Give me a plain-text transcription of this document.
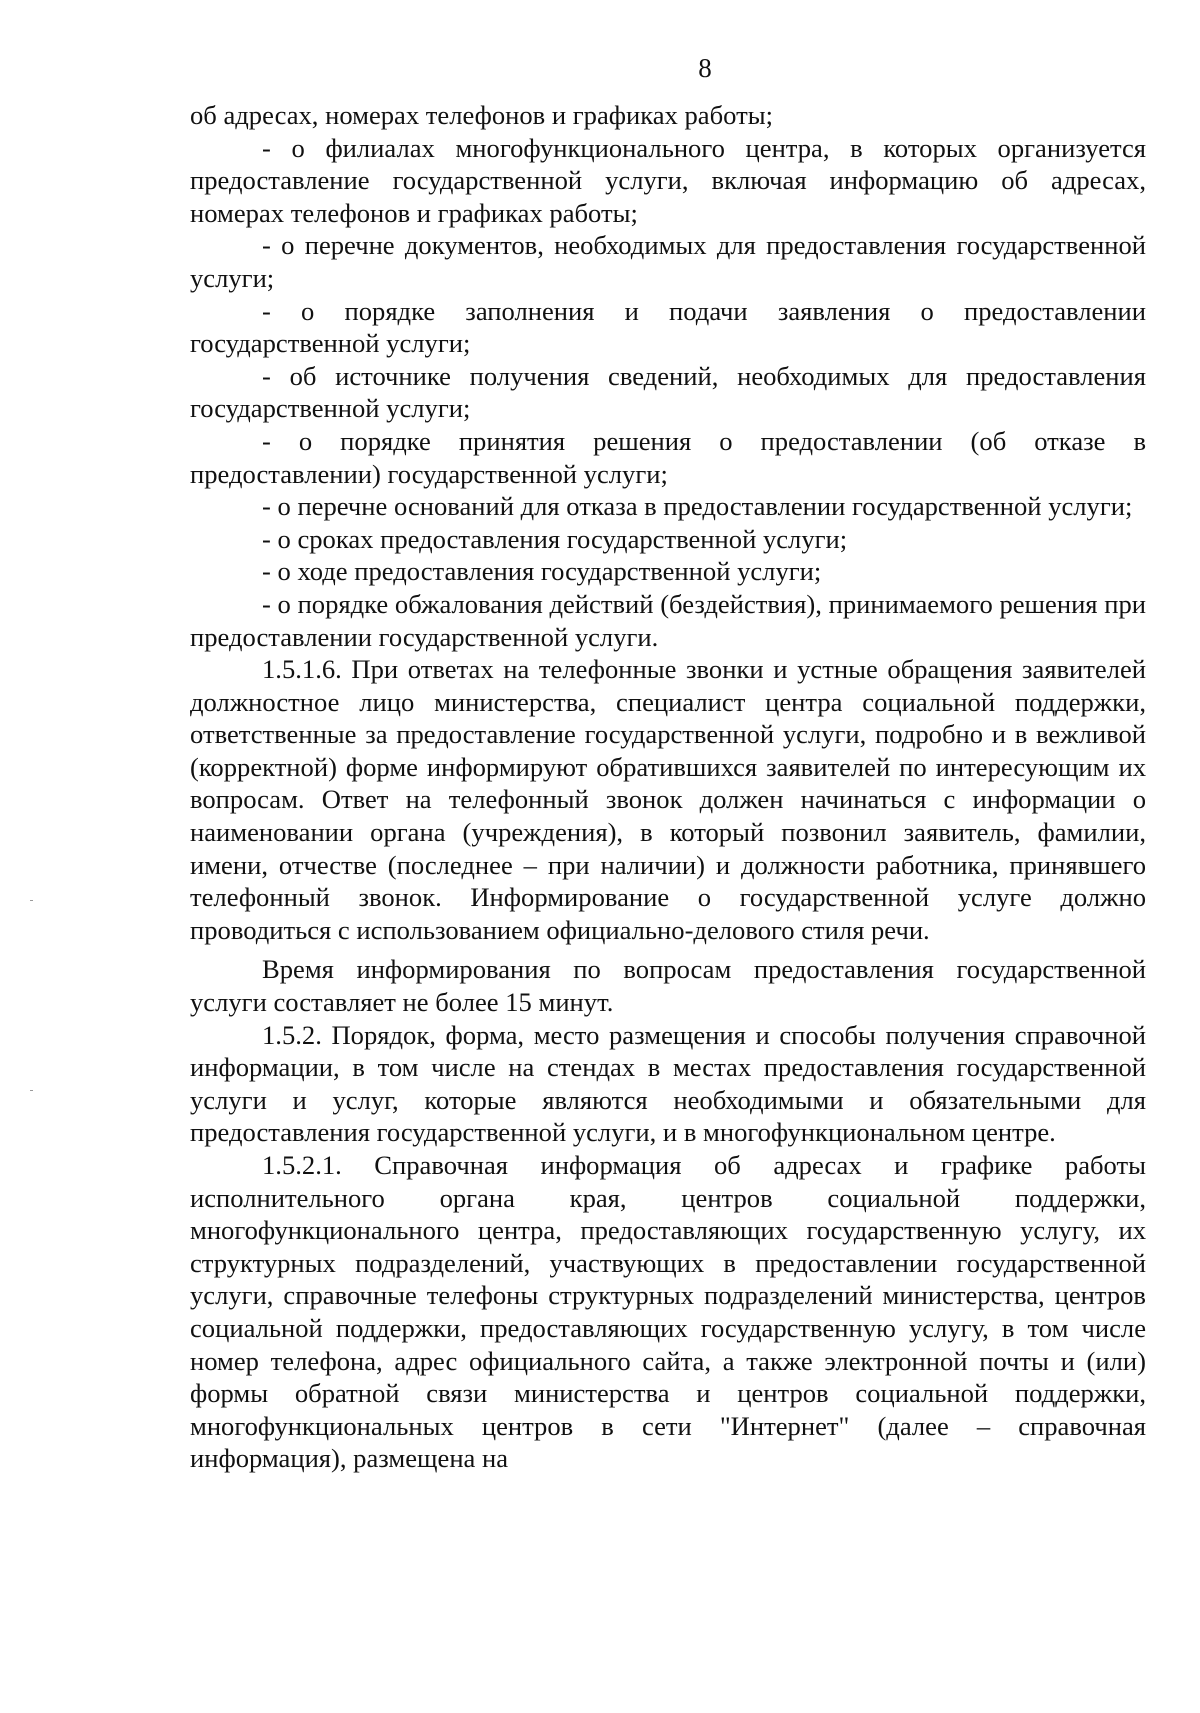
8

об адресах, номерах телефонов и графиках работы;

- о филиалах многофункционального центра, в которых организуется предоставление государственной услуги, включая информацию об адресах, номерах телефонов и графиках работы;

- о перечне документов, необходимых для предоставления государственной услуги;

- о порядке заполнения и подачи заявления о предоставлении государственной услуги;

- об источнике получения сведений, необходимых для предоставления государственной услуги;

- о порядке принятия решения о предоставлении (об отказе в предоставлении) государственной услуги;

- о перечне оснований для отказа в предоставлении государственной услуги;

- о сроках предоставления государственной услуги;

- о ходе предоставления государственной услуги;

- о порядке обжалования действий (бездействия), принимаемого решения при предоставлении государственной услуги.

1.5.1.6. При ответах на телефонные звонки и устные обращения заявителей должностное лицо министерства, специалист центра социальной поддержки, ответственные за предоставление государственной услуги, подробно и в вежливой (корректной) форме информируют обратившихся заявителей по интересующим их вопросам. Ответ на телефонный звонок должен начинаться с информации о наименовании органа (учреждения), в который позвонил заявитель, фамилии, имени, отчестве (последнее – при наличии) и должности работника, принявшего телефонный звонок. Информирование о государственной услуге должно проводиться с использованием официально-делового стиля речи.

Время информирования по вопросам предоставления государственной услуги составляет не более 15 минут.

1.5.2. Порядок, форма, место размещения и способы получения справочной информации, в том числе на стендах в местах предоставления государственной услуги и услуг, которые являются необходимыми и обязательными для предоставления государственной услуги, и в многофункциональном центре.

1.5.2.1. Справочная информация об адресах и графике работы исполнительного органа края, центров социальной поддержки, многофункционального центра, предоставляющих государственную услугу, их структурных подразделений, участвующих в предоставлении государственной услуги, справочные телефоны структурных подразделений министерства, центров социальной поддержки, предоставляющих государственную услугу, в том числе номер телефона, адрес официального сайта, а также электронной почты и (или) формы обратной связи министерства и центров социальной поддержки, многофункциональных центров в сети "Интернет" (далее – справочная информация), размещена на
